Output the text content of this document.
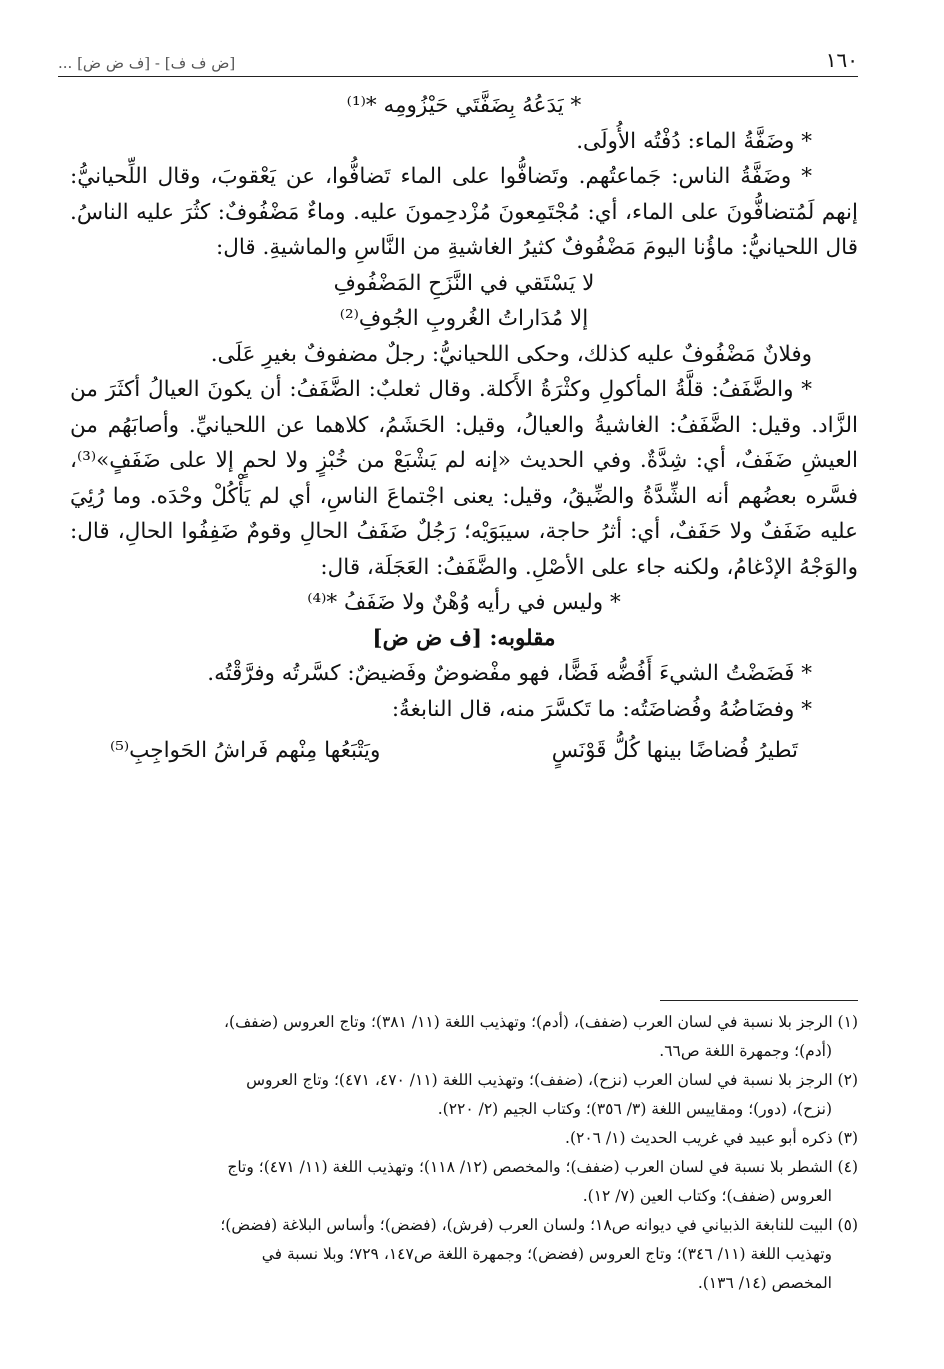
[ض ف ف] - [ف ض ض] ...	١٦٠

* يَدَعُهُ بِضَفَّتَي حَيْزُومِه *⁽¹⁾

* وضَفَّةُ الماء: دُفْتُه الأُولَى.

* وضَفَّةُ الناس: جَماعتُهم. وتَضافُّوا على الماء تَضافُّوا، عن يَعْقوبَ، وقال اللِّحيانيُّ: إنهم لَمُتضافُّونَ على الماء، أي: مُجْتَمِعونَ مُزْدحِمونَ عليه. وماءٌ مَضْفُوفٌ: كثُرَ عليه الناسُ. قال اللحيانيُّ: ماؤُنا اليومَ مَضْفُوفٌ كثيرُ الغاشيةِ من النَّاسِ والماشيةِ. قال:

لا يَسْتَقي في النَّزَحِ المَضْفُوفِ

إلا مُدَاراتُ الغُروبِ الجُوفِ⁽²⁾

وفلانٌ مَضْفُوفٌ عليه كذلك، وحكى اللحيانيُّ: رجلٌ مضفوفٌ بغيرِ عَلَى.

* والضَّفَفُ: قلَّةُ المأكولِ وكثْرَةُ الأَكلة. وقال ثعلبٌ: الضَّفَفُ: أن يكونَ العيالُ أكثَرَ من الزَّاد. وقيل: الضَّفَفُ: الغاشيةُ والعيالُ، وقيل: الحَشَمُ، كلاهما عن اللحيانيِّ. وأصابَهُم من العيشِ ضَفَفٌ، أي: شِدَّةٌ. وفي الحديث «إنه لم يَشْبَعْ من خُبْزٍ ولا لحمٍ إلا على ضَفَفٍ»⁽³⁾، فسَّره بعضُهم أنه الشِّدَّةُ والضِّيقُ، وقيل: يعنى اجْتماعَ الناسِ، أي لم يَأْكُلْ وحْدَه. وما رُئِيَ عليه ضَفَفٌ ولا حَفَفٌ، أي: أثرُ حاجة، سيبَوَيْه؛ رَجُلٌ ضَفَفُ الحالِ وقومٌ ضَفِفُوا الحالِ، قال: والوَجْهُ الإدْغامُ، ولكنه جاء على الأصْلِ. والضَّفَفُ: العَجَلَة، قال:

* وليس في رأيه وُهْنٌ ولا ضَفَفُ *⁽⁴⁾

مقلوبه: [ف ض ض]

* فَضَضْتُ الشيءَ أَفُضُّه فَضًّا، فهو مفْضوضٌ وفَضيضٌ: كسَّرتُه وفرَّقْتُه.

* وفضَاضُهُ وفُضاضَتُه: ما تَكسَّرَ منه، قال النابغةُ:

تَطيرُ فُضاضًا بينها كُلُّ قَوْنَسٍ
ويَتْبَعُها مِنْهم فَراشُ الحَواجِبِ⁽⁵⁾

(١) الرجز بلا نسبة في لسان العرب (ضفف)، (أدم)؛ وتهذيب اللغة (١١/ ٣٨١)؛ وتاج العروس (ضفف)،

(أدم)؛ وجمهرة اللغة ص٦٦.

(٢) الرجز بلا نسبة في لسان العرب (نزح)، (ضفف)؛ وتهذيب اللغة (١١/ ٤٧٠، ٤٧١)؛ وتاج العروس

(نزح)، (دور)؛ ومقاييس اللغة (٣/ ٣٥٦)؛ وكتاب الجيم (٢/ ٢٢٠).

(٣) ذكره أبو عبيد في غريب الحديث (١/ ٢٠٦).

(٤) الشطر بلا نسبة في لسان العرب (ضفف)؛ والمخصص (١٢/ ١١٨)؛ وتهذيب اللغة (١١/ ٤٧١)؛ وتاج

العروس (ضفف)؛ وكتاب العين (٧/ ١٢).

(٥) البيت للنابغة الذبياني في ديوانه ص١٨؛ ولسان العرب (فرش)، (فضض)؛ وأساس البلاغة (فضض)؛

وتهذيب اللغة (١١/ ٣٤٦)؛ وتاج العروس (فضض)؛ وجمهرة اللغة ص١٤٧، ٧٢٩؛ وبلا نسبة في

المخصص (١٤/ ١٣٦).
